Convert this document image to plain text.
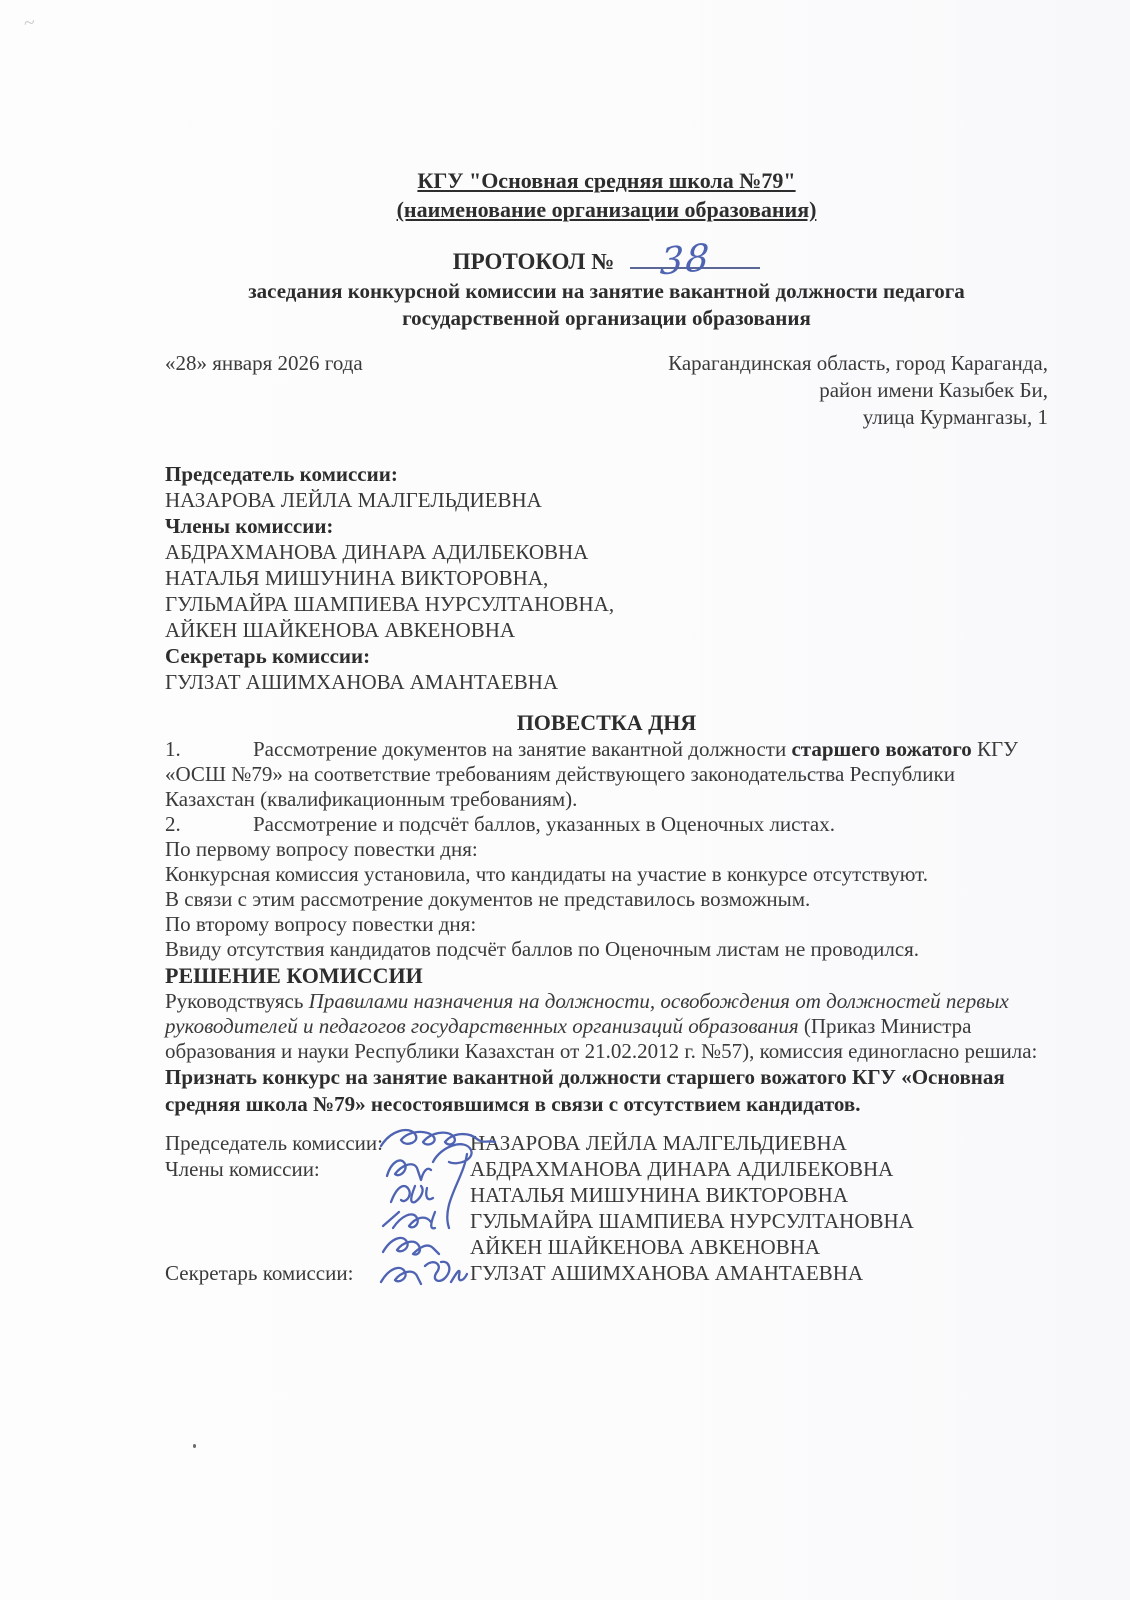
~
КГУ "Основная средняя школа №79"
(наименование организации образования)
ПРОТОКОЛ № 38
заседания конкурсной комиссии на занятие вакантной должности педагога
государственной организации образования
«28» января 2026 года	Карагандинская область, город Караганда,
район имени Казыбек Би,
улица Курмангазы, 1
Председатель комиссии:
НАЗАРОВА ЛЕЙЛА МАЛГЕЛЬДИЕВНА
Члены комиссии:
АБДРАХМАНОВА ДИНАРА АДИЛБЕКОВНА
НАТАЛЬЯ МИШУНИНА ВИКТОРОВНА,
ГУЛЬМАЙРА ШАМПИЕВА НУРСУЛТАНОВНА,
АЙКЕН ШАЙКЕНОВА АВКЕНОВНА
Секретарь комиссии:
ГУЛЗАТ АШИМХАНОВА АМАНТАЕВНА
ПОВЕСТКА ДНЯ

1.	Рассмотрение документов на занятие вакантной должности старшего вожатого КГУ «ОСШ №79» на соответствие требованиям действующего законодательства Республики Казахстан (квалификационным требованиям).

2.	Рассмотрение и подсчёт баллов, указанных в Оценочных листах.

По первому вопросу повестки дня:
Конкурсная комиссия установила, что кандидаты на участие в конкурсе отсутствуют.
В связи с этим рассмотрение документов не представилось возможным.
По второму вопросу повестки дня:
Ввиду отсутствия кандидатов подсчёт баллов по Оценочным листам не проводился.
РЕШЕНИЕ КОМИССИИ

Руководствуясь Правилами назначения на должности, освобождения от должностей первых руководителей и педагогов государственных организаций образования (Приказ Министра образования и науки Республики Казахстан от 21.02.2012 г. №57), комиссия единогласно решила:

Признать конкурс на занятие вакантной должности старшего вожатого КГУ «Основная средняя школа №79» несостоявшимся в связи с отсутствием кандидатов.

Председатель комиссии:	НАЗАРОВА ЛЕЙЛА МАЛГЕЛЬДИЕВНА
Члены комиссии:	АБДРАХМАНОВА ДИНАРА АДИЛБЕКОВНА
НАТАЛЬЯ МИШУНИНА ВИКТОРОВНА
ГУЛЬМАЙРА ШАМПИЕВА НУРСУЛТАНОВНА
АЙКЕН ШАЙКЕНОВА АВКЕНОВНА
Секретарь комиссии:	ГУЛЗАТ АШИМХАНОВА АМАНТАЕВНА
